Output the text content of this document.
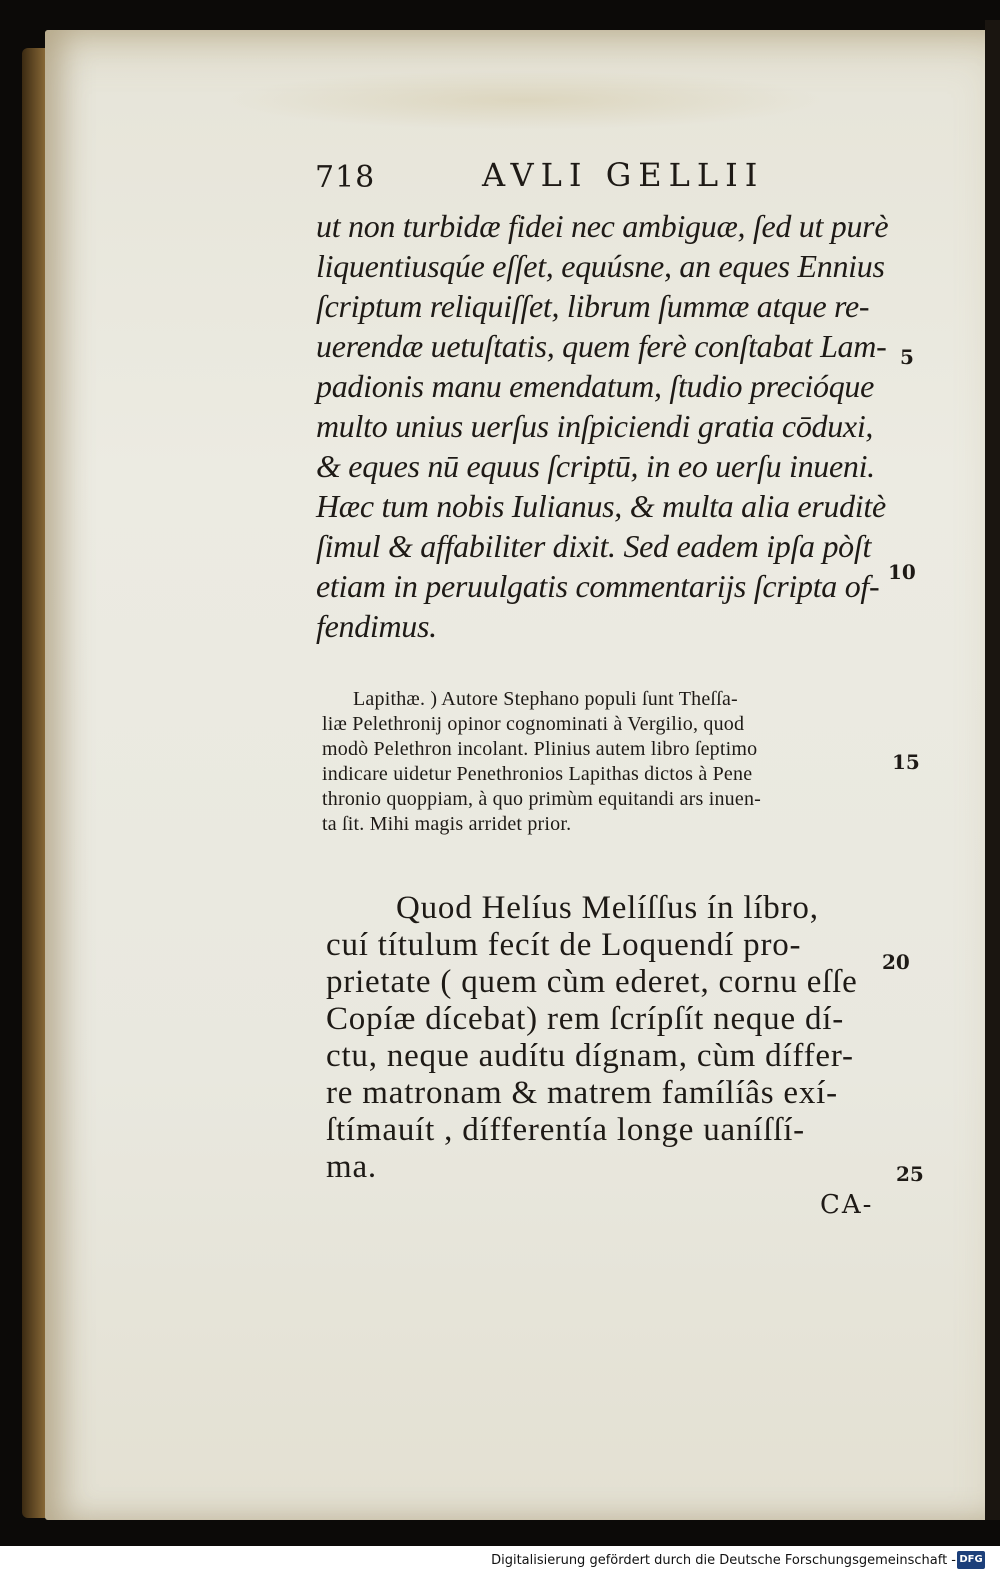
718	AVLI GELLII
ut non turbidæ fidei nec ambiguæ, ſed ut purè
liquentiusqúe eſſet, equúsne, an eques Ennius
ſcriptum reliquiſſet, librum ſummæ atque re-
uerendæ uetuſtatis, quem ferè conſtabat Lam-
padionis manu emendatum, ſtudio precióque
multo unius uerſus inſpiciendi gratia cōduxi,
& eques nū equus ſcriptū, in eo uerſu inueni.
Hæc tum nobis Iulianus, & multa alia eruditè
ſimul & affabiliter dixit. Sed eadem ipſa pòſt
etiam in peruulgatis commentarijs ſcripta of-
fendimus.
Lapithæ. ) Autore Stephano populi ſunt Theſſa-
liæ Pelethronij opinor cognominati à Vergilio, quod
modò Pelethron incolant. Plinius autem libro ſeptimo
indicare uidetur Penethronios Lapithas dictos à Pene
thronio quoppiam, à quo primùm equitandi ars inuen-
ta ſit. Mihi magis arridet prior.
Quod Helíus Melíſſus ín líbro,
cuí títulum fecít de Loquendí pro-
prietate ( quem cùm ederet, cornu eſſe
Copíæ dícebat) rem ſcrípſít neque dí-
ctu, neque audítu dígnam, cùm díffer-
re matronam & matrem famílíâs exí-
ſtímauít , dífferentía longe uaníſſí-
ma.
5
10
15
20
25
CA-
Digitalisierung gefördert durch die Deutsche Forschungsgemeinschaft - DFG
